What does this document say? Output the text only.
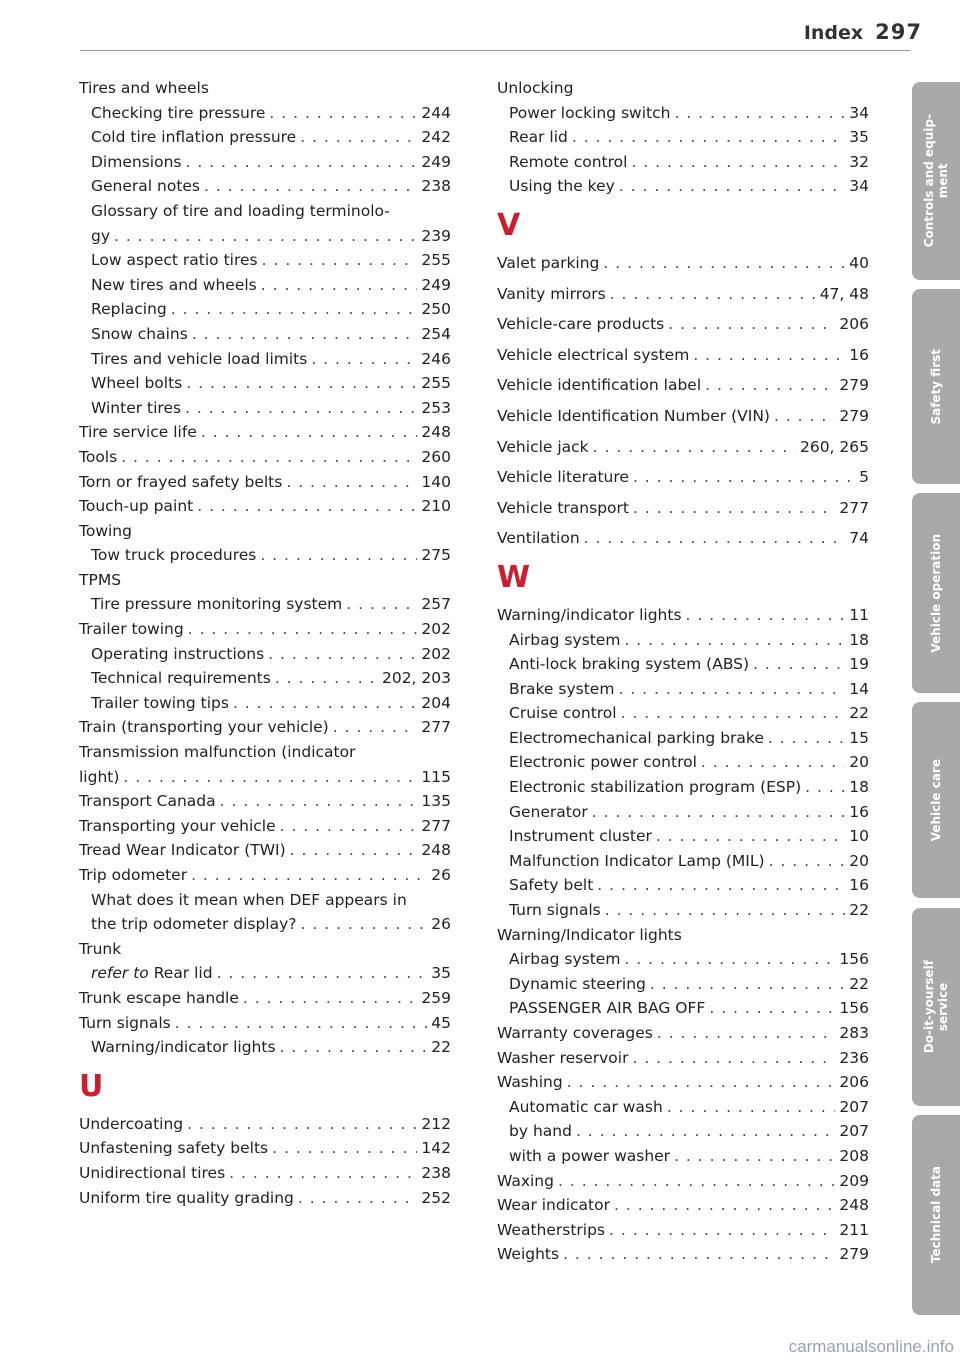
Index 297
Tires and wheels
Checking tire pressure . . .	244
Cold tire inflation pressure . . .	242
Dimensions . . .	249
General notes . . .	238
Glossary of tire and loading terminolo-
gy . . .	239
Low aspect ratio tires . . .	255
New tires and wheels . . .	249
Replacing . . .	250
Snow chains . . .	254
Tires and vehicle load limits . . .	246
Wheel bolts . . .	255
Winter tires . . .	253
Tire service life . . .	248
Tools . . .	260
Torn or frayed safety belts . . .	140
Touch-up paint . . .	210
Towing
Tow truck procedures . . .	275
TPMS
Tire pressure monitoring system . . .	257
Trailer towing . . .	202
Operating instructions . . .	202
Technical requirements . . .	202, 203
Trailer towing tips . . .	204
Train (transporting your vehicle) . . .	277
Transmission malfunction (indicator
light) . . .	115
Transport Canada . . .	135
Transporting your vehicle . . .	277
Tread Wear Indicator (TWI) . . .	248
Trip odometer . . .	26
What does it mean when DEF appears in
the trip odometer display? . . .	26
Trunk
refer to Rear lid . . .	35
Trunk escape handle . . .	259
Turn signals . . .	45
Warning/indicator lights . . .	22
U
Undercoating . . .	212
Unfastening safety belts . . .	142
Unidirectional tires . . .	238
Uniform tire quality grading . . .	252
Unlocking
Power locking switch . . .	34
Rear lid . . .	35
Remote control . . .	32
Using the key . . .	34
V
Valet parking . . .	40
Vanity mirrors . . .	47, 48
Vehicle-care products . . .	206
Vehicle electrical system . . .	16
Vehicle identification label . . .	279
Vehicle Identification Number (VIN) . . .	279
Vehicle jack . . .	260, 265
Vehicle literature . . .	5
Vehicle transport . . .	277
Ventilation . . .	74
W
Warning/indicator lights . . .	11
Airbag system . . .	18
Anti-lock braking system (ABS) . . .	19
Brake system . . .	14
Cruise control . . .	22
Electromechanical parking brake . . .	15
Electronic power control . . .	20
Electronic stabilization program (ESP) . . .	18
Generator . . .	16
Instrument cluster . . .	10
Malfunction Indicator Lamp (MIL) . . .	20
Safety belt . . .	16
Turn signals . . .	22
Warning/Indicator lights
Airbag system . . .	156
Dynamic steering . . .	22
PASSENGER AIR BAG OFF . . .	156
Warranty coverages . . .	283
Washer reservoir . . .	236
Washing . . .	206
Automatic car wash . . .	207
by hand . . .	207
with a power washer . . .	208
Waxing . . .	209
Wear indicator . . .	248
Weatherstrips . . .	211
Weights . . .	279
Controls and equip-
ment
Safety first
Vehicle operation
Vehicle care
Do-it-yourself
service
Technical data
carmanualsonline.info
